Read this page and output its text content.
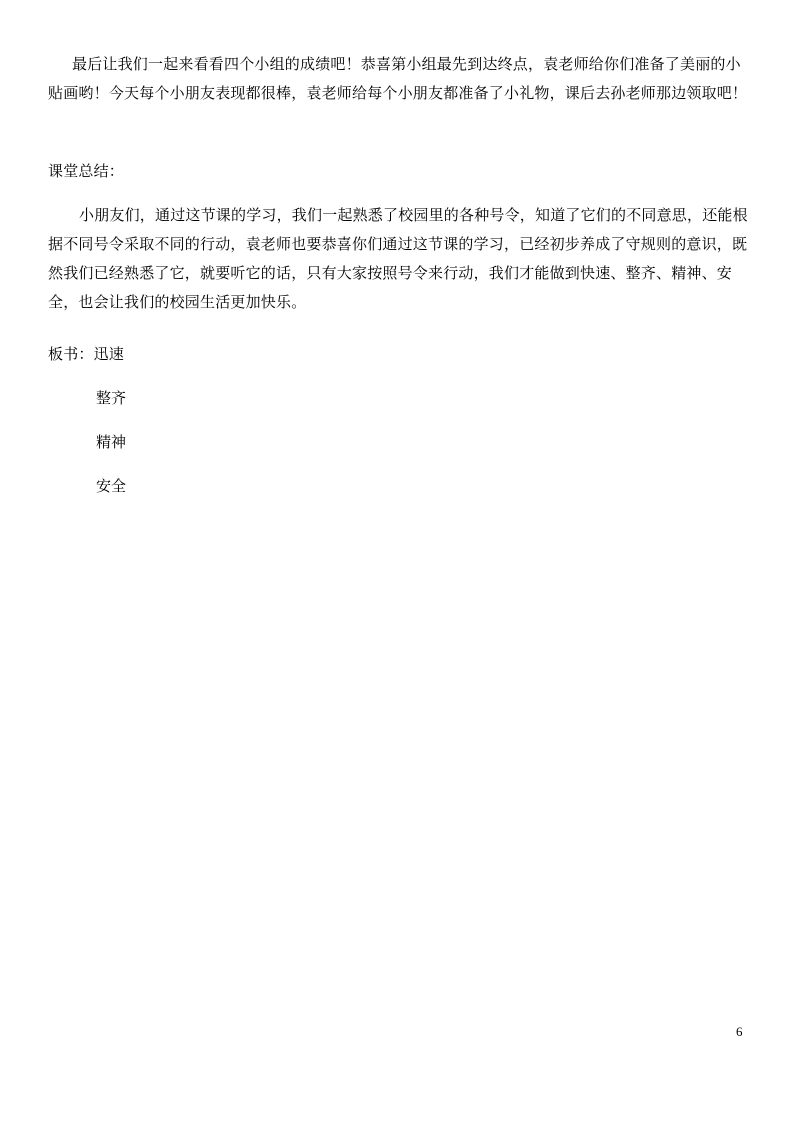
最后让我们一起来看看四个小组的成绩吧！恭喜第小组最先到达终点，袁老师给你们准备了美丽的小贴画哟！今天每个小朋友表现都很棒，袁老师给每个小朋友都准备了小礼物，课后去孙老师那边领取吧！

课堂总结：

小朋友们，通过这节课的学习，我们一起熟悉了校园里的各种号令，知道了它们的不同意思，还能根据不同号令采取不同的行动，袁老师也要恭喜你们通过这节课的学习，已经初步养成了守规则的意识，既然我们已经熟悉了它，就要听它的话，只有大家按照号令来行动，我们才能做到快速、整齐、精神、安全，也会让我们的校园生活更加快乐。

板书：迅速

整齐

精神

安全

6
